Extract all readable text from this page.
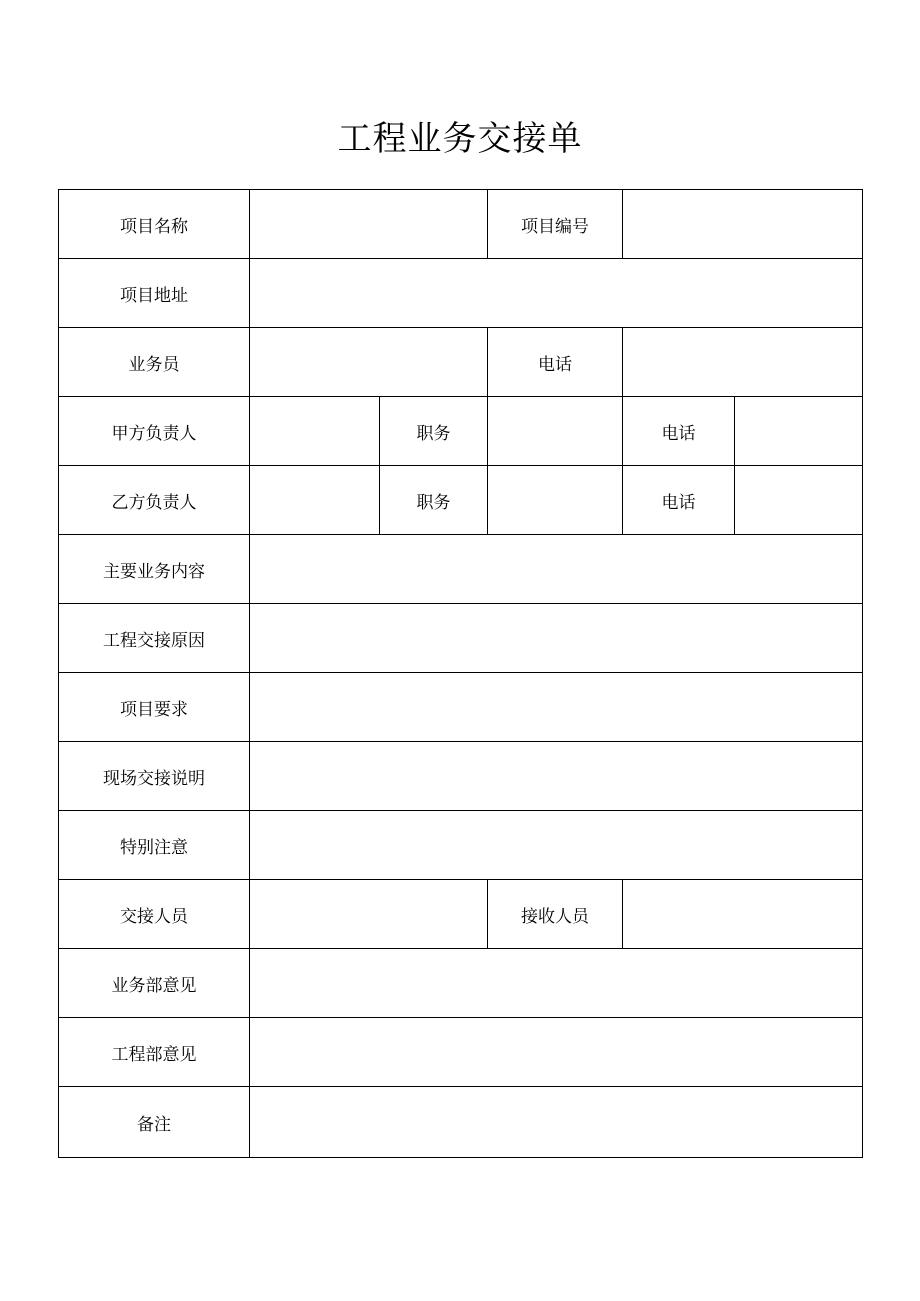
工程业务交接单
项目名称			项目编号		
项目地址					
业务员			电话		
甲方负责人		职务		电话	
乙方负责人		职务		电话	
主要业务内容					
工程交接原因					
项目要求					
现场交接说明					
特别注意					
交接人员			接收人员		
业务部意见					
工程部意见					
备注					
